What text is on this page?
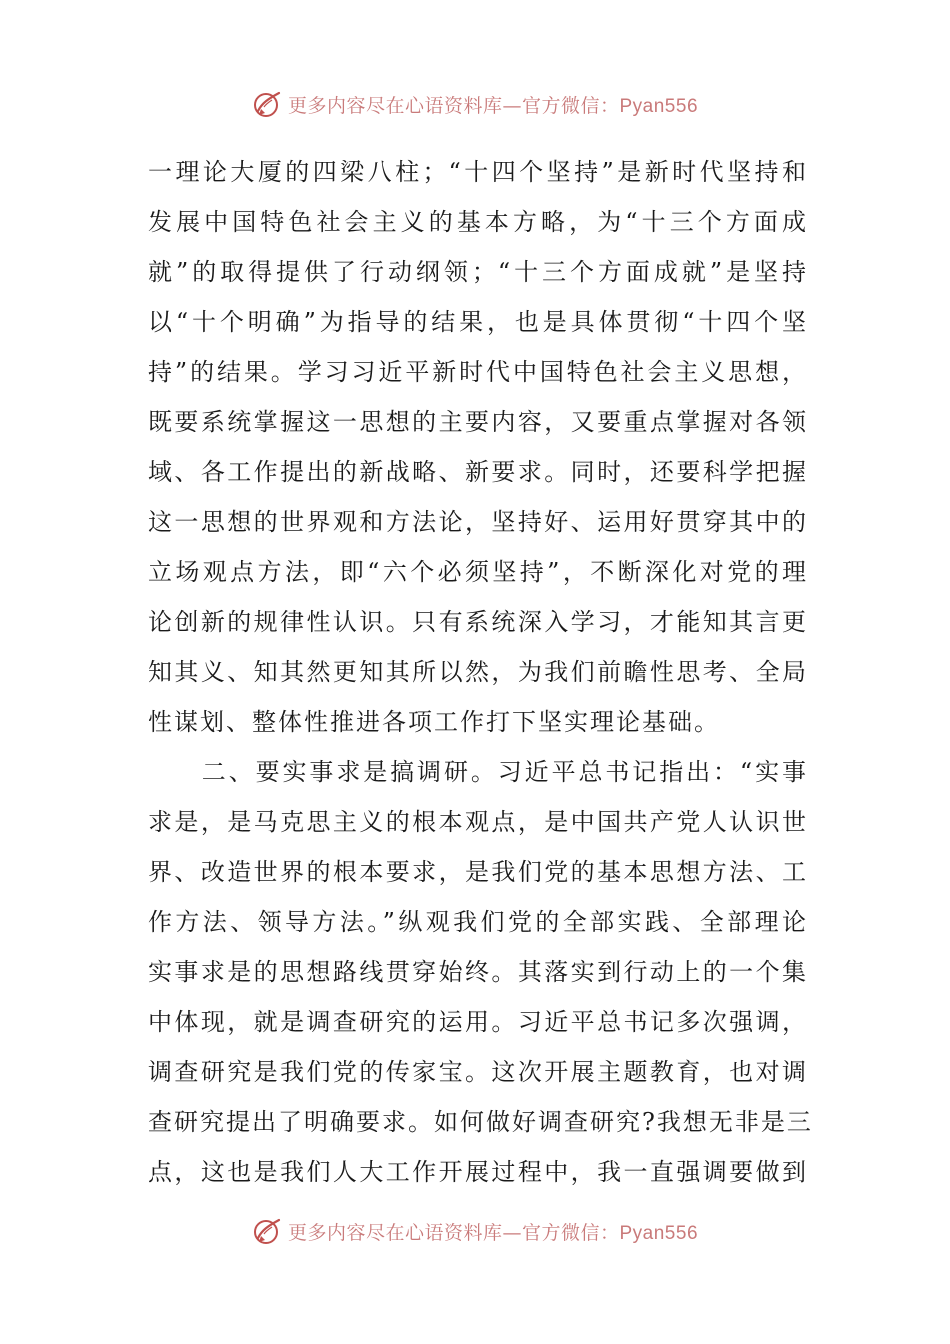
更多内容尽在心语资料库—官方微信：Pyan556
一理论大厦的四梁八柱；“十四个坚持”是新时代坚持和
发展中国特色社会主义的基本方略，为“十三个方面成
就”的取得提供了行动纲领；“十三个方面成就”是坚持
以“十个明确”为指导的结果，也是具体贯彻“十四个坚
持”的结果。学习习近平新时代中国特色社会主义思想，
既要系统掌握这一思想的主要内容，又要重点掌握对各领
域、各工作提出的新战略、新要求。同时，还要科学把握
这一思想的世界观和方法论，坚持好、运用好贯穿其中的
立场观点方法，即“六个必须坚持”，不断深化对党的理
论创新的规律性认识。只有系统深入学习，才能知其言更
知其义、知其然更知其所以然，为我们前瞻性思考、全局
性谋划、整体性推进各项工作打下坚实理论基础。
　　二、要实事求是搞调研。习近平总书记指出：“实事
求是，是马克思主义的根本观点，是中国共产党人认识世
界、改造世界的根本要求，是我们党的基本思想方法、工
作方法、领导方法。”纵观我们党的全部实践、全部理论
实事求是的思想路线贯穿始终。其落实到行动上的一个集
中体现，就是调查研究的运用。习近平总书记多次强调，
调查研究是我们党的传家宝。这次开展主题教育，也对调
查研究提出了明确要求。如何做好调查研究?我想无非是三
点，这也是我们人大工作开展过程中，我一直强调要做到
更多内容尽在心语资料库—官方微信：Pyan556
